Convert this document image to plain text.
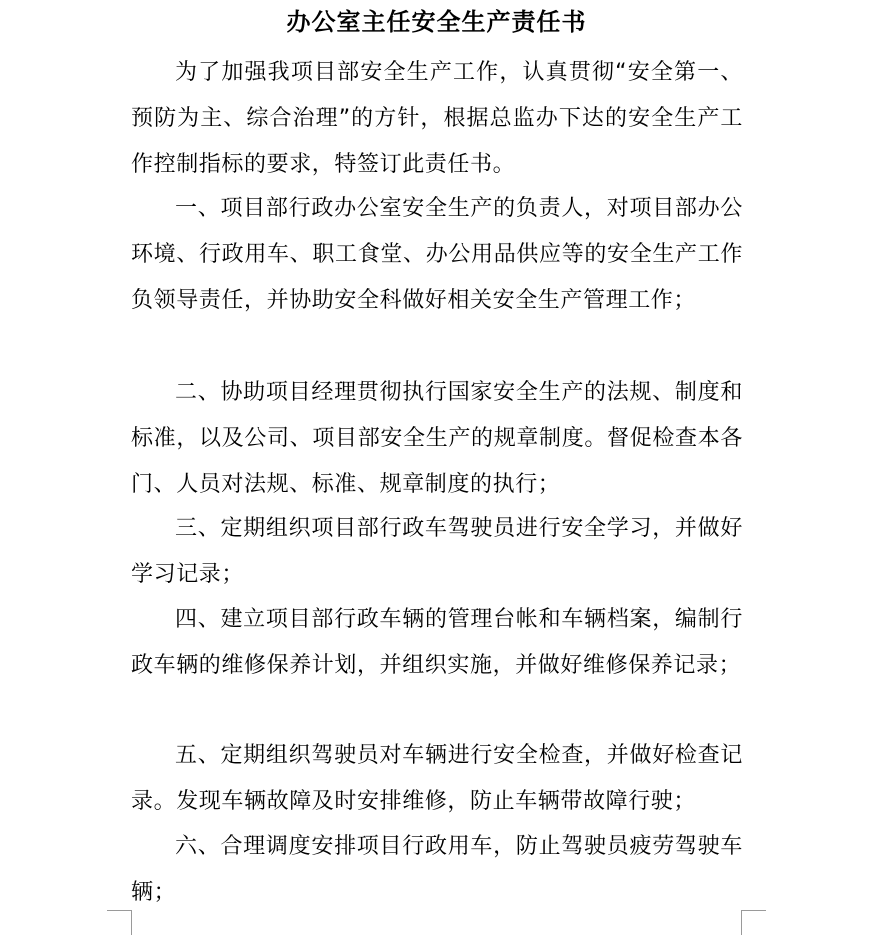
办公室主任安全生产责任书
为了加强我项目部安全生产工作，认真贯彻“安全第一、预防为主、综合治理”的方针，根据总监办下达的安全生产工作控制指标的要求，特签订此责任书。
一、项目部行政办公室安全生产的负责人，对项目部办公环境、行政用车、职工食堂、办公用品供应等的安全生产工作负领导责任，并协助安全科做好相关安全生产管理工作；
二、协助项目经理贯彻执行国家安全生产的法规、制度和标准，以及公司、项目部安全生产的规章制度。督促检查本各门、人员对法规、标准、规章制度的执行；
三、定期组织项目部行政车驾驶员进行安全学习，并做好学习记录；
四、建立项目部行政车辆的管理台帐和车辆档案，编制行政车辆的维修保养计划，并组织实施，并做好维修保养记录；
五、定期组织驾驶员对车辆进行安全检查，并做好检查记录。发现车辆故障及时安排维修，防止车辆带故障行驶；
六、合理调度安排项目行政用车，防止驾驶员疲劳驾驶车辆；
